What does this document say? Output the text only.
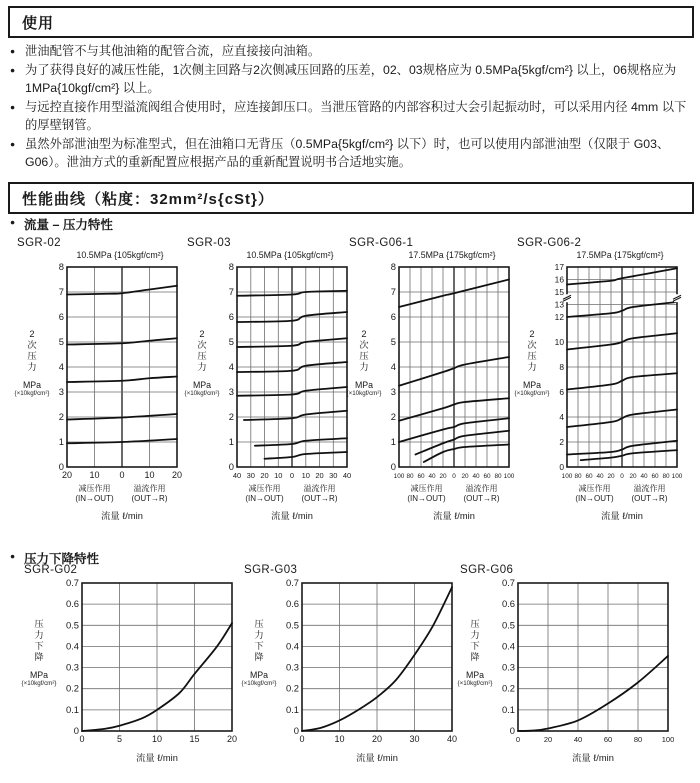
使用
● 泄油配管不与其他油箱的配管合流，应直接接向油箱。
● 为了获得良好的减压性能，1次侧主回路与2次侧减压回路的压差，02、03规格应为 0.5MPa{5kgf/cm²} 以上，06规格应为 1MPa{10kgf/cm²} 以上。
● 与远控直接作用型溢流阀组合使用时，应连接卸压口。当泄压管路的内部容积过大会引起振动时，可以采用内径 4mm 以下的厚壁钢管。
● 虽然外部泄油型为标准型式，但在油箱口无背压（0.5MPa{5kgf/cm²} 以下）时，也可以使用内部泄油型（仅限于 G03、G06）。泄油方式的重新配置应根据产品的重新配置说明书合适地实施。
性能曲线（粘度：32mm²/s{cSt}）
● 流量 – 压力特性
SGR-02
10.5MPa {105kgf/cm²}
2
次
压
力
MPa
{×10kgf/cm²}
20 10 0 10 20
0
1
2
3
4
5
6
7
8
减压作用
(IN→OUT)
溢流作用
(OUT→R)
流量 ℓ/min
SGR-03
10.5MPa {105kgf/cm²}
2
次
压
力
MPa
{×10kgf/cm²}
40 30 20 10 0 10 20 30 40
0
1
2
3
4
5
6
7
8
减压作用
(IN→OUT)
溢流作用
(OUT→R)
流量 ℓ/min
SGR-G06-1
17.5MPa {175kgf/cm²}
2
次
压
力
MPa
{×10kgf/cm²}
100 80 60 40 20 0 20 40 60 80 100
0
1
2
3
4
5
6
7
8
减压作用
(IN→OUT)
溢流作用
(OUT→R)
流量 ℓ/min
SGR-G06-2
17.5MPa {175kgf/cm²}
2
次
压
力
MPa
{×10kgf/cm²}
100 80 60 40 20 0 20 40 60 80 100
0
2
4
6
8
10
12
13
15
16
17
减压作用
(IN→OUT)
溢流作用
(OUT→R)
流量 ℓ/min
● 压力下降特性
SGR-G02
压
力
下
降
MPa
{×10kgf/cm²}
0	5	10	15	20
0
0.1
0.2
0.3
0.4
0.5
0.6
0.7
流量 ℓ/min
SGR-G03
压
力
下
降
MPa
{×10kgf/cm²}
0	10	20	30	40
0
0.1
0.2
0.3
0.4
0.5
0.6
0.7
流量 ℓ/min
SGR-G06
压
力
下
降
MPa
{×10kgf/cm²}
0	20	40	60	80	100
0
0.1
0.2
0.3
0.4
0.5
0.6
0.7
流量 ℓ/min
